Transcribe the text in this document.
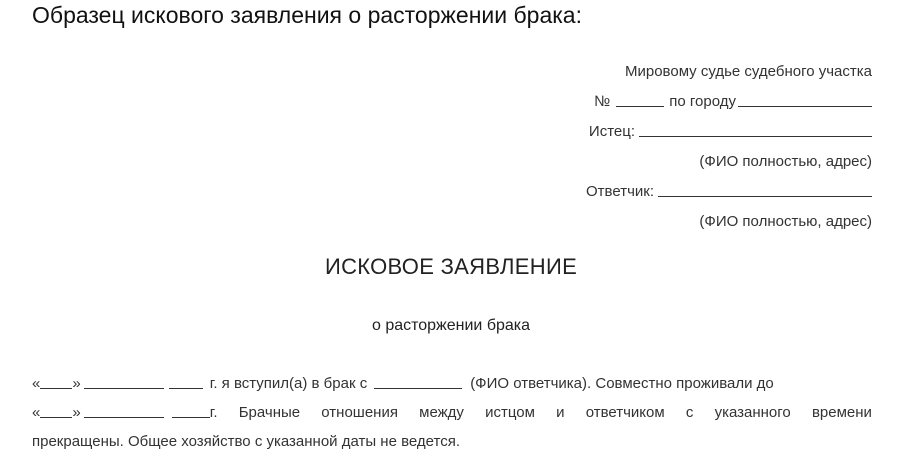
Образец искового заявления о расторжении брака:
Мировому судье судебного участка
№	по городу
Истец:
(ФИО полностью, адрес)
Ответчик:
(ФИО полностью, адрес)
ИСКОВОЕ ЗАЯВЛЕНИЕ
о расторжении брака
« »	г. я вступил(а) в брак с	(ФИО ответчика). Совместно проживали до
« »	г. Брачные отношения между истцом и ответчиком с указанного времени
прекращены. Общее хозяйство с указанной даты не ведется.
